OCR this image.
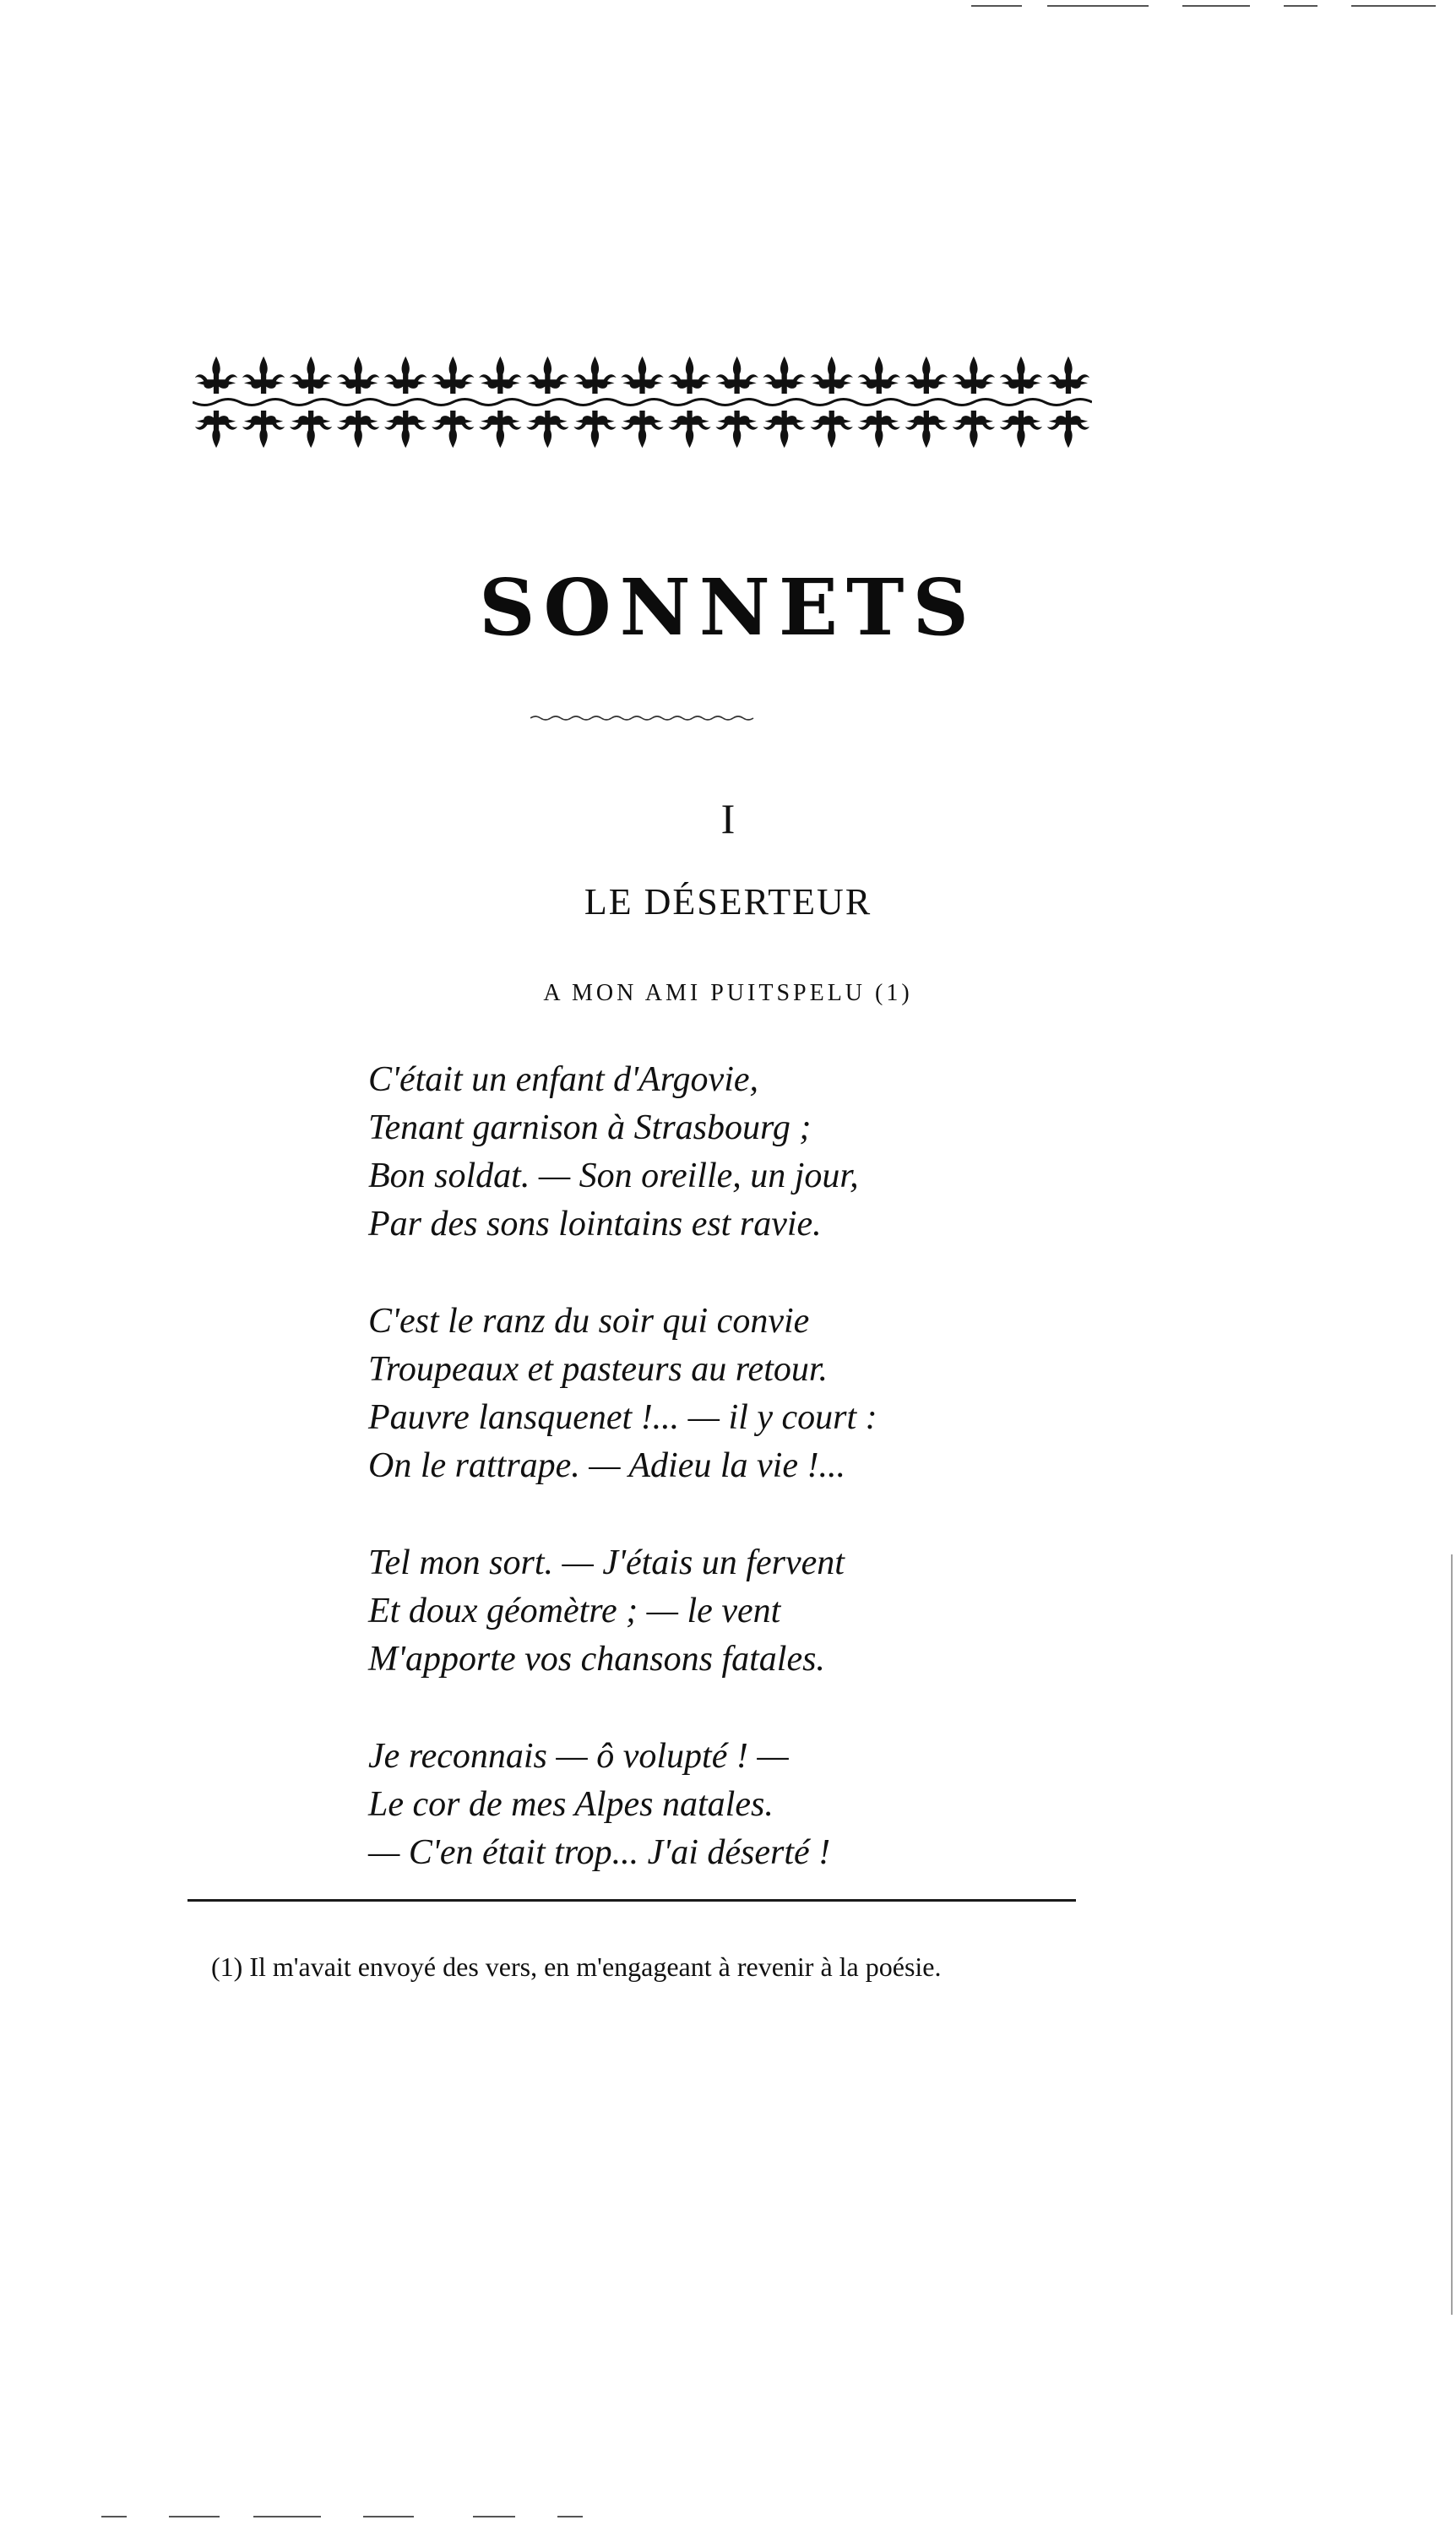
SONNETS
I
LE DÉSERTEUR
A MON AMI PUITSPELU (1)
C'était un enfant d'Argovie,
Tenant garnison à Strasbourg ;
Bon soldat. — Son oreille, un jour,
Par des sons lointains est ravie.
C'est le ranz du soir qui convie
Troupeaux et pasteurs au retour.
Pauvre lansquenet !... — il y court :
On le rattrape. — Adieu la vie !...
Tel mon sort. — J'étais un fervent
Et doux géomètre ; — le vent
M'apporte vos chansons fatales.
Je reconnais — ô volupté ! —
Le cor de mes Alpes natales.
— C'en était trop... J'ai déserté !
(1) Il m'avait envoyé des vers, en m'engageant à revenir à la poésie.
